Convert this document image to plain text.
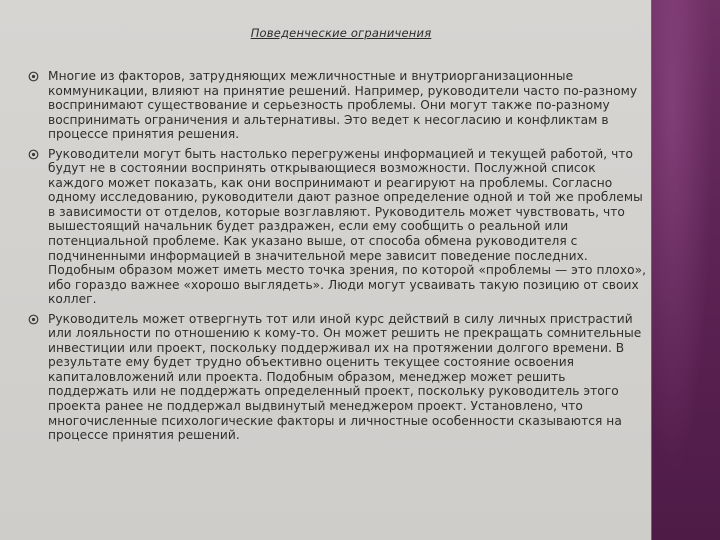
Поведенческие ограничения
Многие из факторов, затрудняющих межличностные и внутриорганизационные коммуникации, влияют на принятие решений. Например, руководители часто по-разному воспринимают существование и серьезность проблемы. Они могут также по-разному воспринимать ограничения и альтернативы. Это ведет к несогласию и конфликтам в процессе принятия решения.
Руководители могут быть настолько перегружены информацией и текущей работой, что будут не в состоянии воспринять открывающиеся возможности. Послужной список каждого может показать, как они воспринимают и реагируют на проблемы. Согласно одному исследованию, руководители дают разное определение одной и той же проблемы в зависимости от отделов, которые возглавляют. Руководитель может чувствовать, что вышестоящий начальник будет раздражен, если ему сообщить о реальной или потенциальной проблеме. Как указано выше, от способа обмена руководителя с подчиненными информацией в значительной мере зависит поведение последних. Подобным образом может иметь место точка зрения, по которой «проблемы — это плохо», ибо гораздо важнее «хорошо выглядеть». Люди могут усваивать такую позицию от своих коллег.
Руководитель может отвергнуть тот или иной курс действий в силу личных пристрастий или лояльности по отношению к кому-то. Он может решить не прекращать сомнительные инвестиции или проект, поскольку поддерживал их на протяжении долгого времени. В результате ему будет трудно объективно оценить текущее состояние освоения капиталовложений или проекта. Подобным образом, менеджер может решить поддержать или не поддержать определенный проект, поскольку руководитель этого проекта ранее не поддержал выдвинутый менеджером проект. Установлено, что многочисленные психологические факторы и личностные особенности сказываются на процессе принятия решений.
